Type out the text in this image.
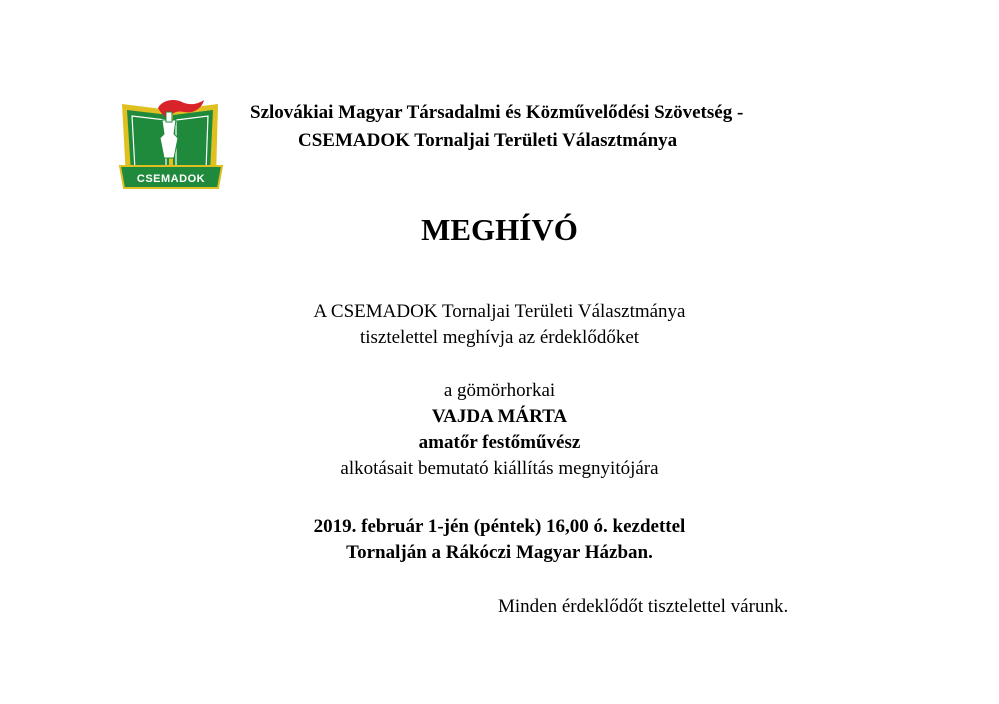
CSEMADOK

Szlovákiai Magyar Társadalmi és Közművelődési Szövetség -

CSEMADOK Tornaljai Területi Választmánya

MEGHÍVÓ

A CSEMADOK Tornaljai Területi Választmánya

tisztelettel meghívja az érdeklődőket

a gömörhorkai

VAJDA MÁRTA

amatőr festőművész

alkotásait bemutató kiállítás megnyitójára

2019. február 1-jén (péntek) 16,00 ó. kezdettel

Tornalján a Rákóczi Magyar Házban.

Minden érdeklődőt tisztelettel várunk.
